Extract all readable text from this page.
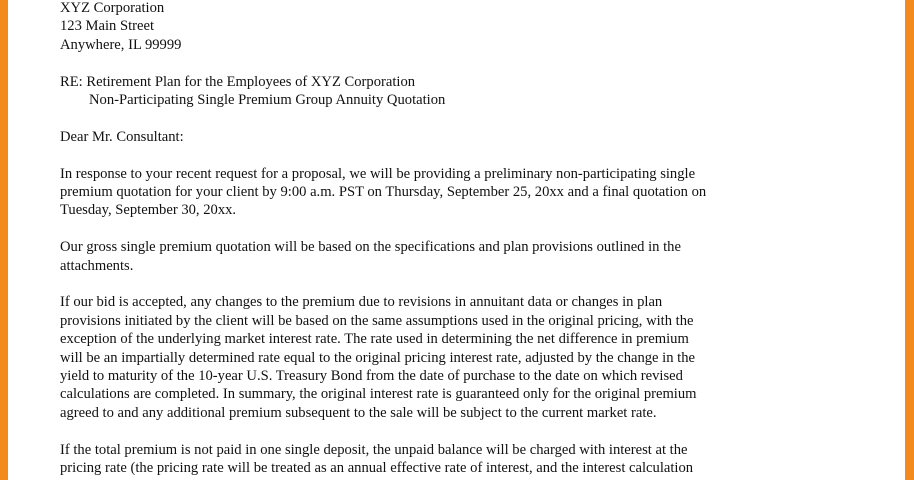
XYZ Corporation
123 Main Street
Anywhere, IL 99999
RE: Retirement Plan for the Employees of XYZ Corporation
Non-Participating Single Premium Group Annuity Quotation
Dear Mr. Consultant:
In response to your recent request for a proposal, we will be providing a preliminary non-participating single
premium quotation for your client by 9:00 a.m. PST on Thursday, September 25, 20xx and a final quotation on
Tuesday, September 30, 20xx.
Our gross single premium quotation will be based on the specifications and plan provisions outlined in the
attachments.
If our bid is accepted, any changes to the premium due to revisions in annuitant data or changes in plan
provisions initiated by the client will be based on the same assumptions used in the original pricing, with the
exception of the underlying market interest rate. The rate used in determining the net difference in premium
will be an impartially determined rate equal to the original pricing interest rate, adjusted by the change in the
yield to maturity of the 10-year U.S. Treasury Bond from the date of purchase to the date on which revised
calculations are completed. In summary, the original interest rate is guaranteed only for the original premium
agreed to and any additional premium subsequent to the sale will be subject to the current market rate.
If the total premium is not paid in one single deposit, the unpaid balance will be charged with interest at the
pricing rate (the pricing rate will be treated as an annual effective rate of interest, and the interest calculation
